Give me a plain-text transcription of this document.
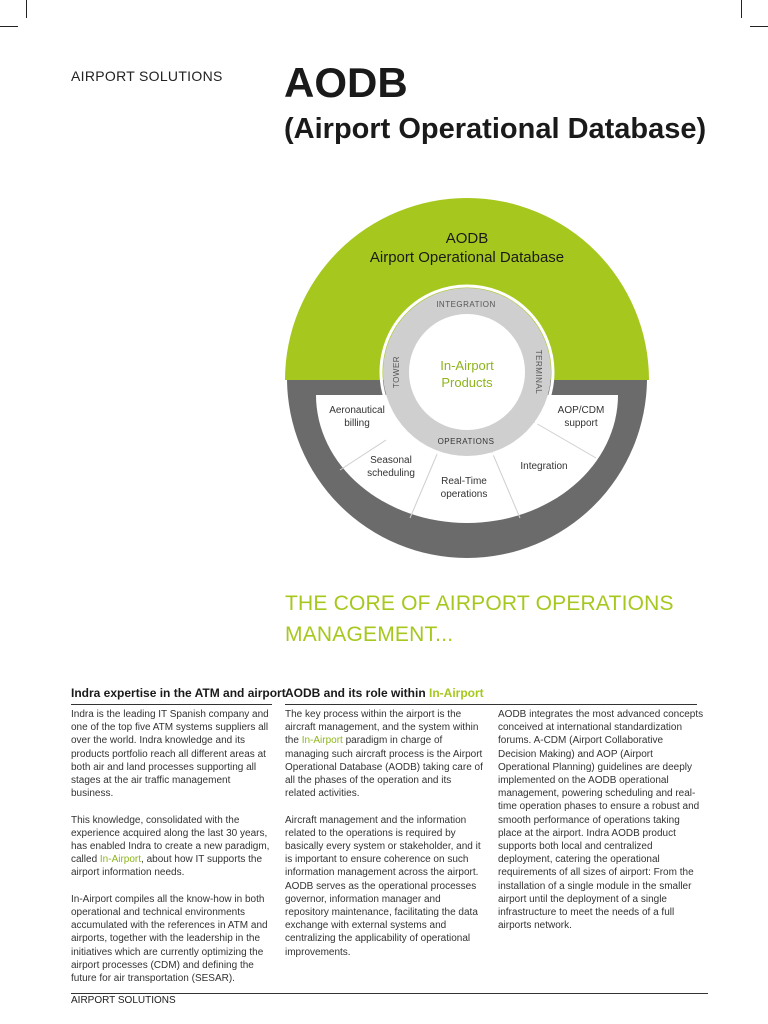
AIRPORT SOLUTIONS AODB
(Airport Operational Database)
AODB
Airport Operational Database
INTEGRATION
OPERATIONS
TOWER	TERMINAL
In-Airport
Products
Aeronautical
billing
Seasonal
scheduling
Real-Time
operations
Integration
AOP/CDM
support
THE CORE OF AIRPORT OPERATIONS MANAGEMENT...
Indra expertise in the ATM and airport

Indra is the leading IT Spanish company and one of the top five ATM systems suppliers all over the world. Indra knowledge and its products portfolio reach all different areas at both air and land processes supporting all stages at the air traffic management business.

This knowledge, consolidated with the experience acquired along the last 30 years, has enabled Indra to create a new paradigm, called In-Airport, about how IT supports the airport information needs.

In-Airport compiles all the know-how in both operational and technical environments accumulated with the references in ATM and airports, together with the leadership in the initiatives which are currently optimizing the airport processes (CDM) and defining the future for air transportation (SESAR).

AODB and its role within In-Airport

The key process within the airport is the aircraft management, and the system within the In-Airport paradigm in charge of managing such aircraft process is the Airport Operational Database (AODB) taking care of all the phases of the operation and its related activities.

Aircraft management and the information related to the operations is required by basically every system or stakeholder, and it is important to ensure coherence on such information management across the airport. AODB serves as the operational processes governor, information manager and repository maintenance, facilitating the data exchange with external systems and centralizing the applicability of operational improvements.

AODB integrates the most advanced concepts conceived at international standardization forums. A-CDM (Airport Collaborative Decision Making) and AOP (Airport Operational Planning) guidelines are deeply implemented on the AODB operational management, powering scheduling and real-time operation phases to ensure a robust and smooth performance of operations taking place at the airport. Indra AODB product supports both local and centralized deployment, catering the operational requirements of all sizes of airport: From the installation of a single module in the smaller airport until the deployment of a single infrastructure to meet the needs of a full airports network.

AIRPORT SOLUTIONS
